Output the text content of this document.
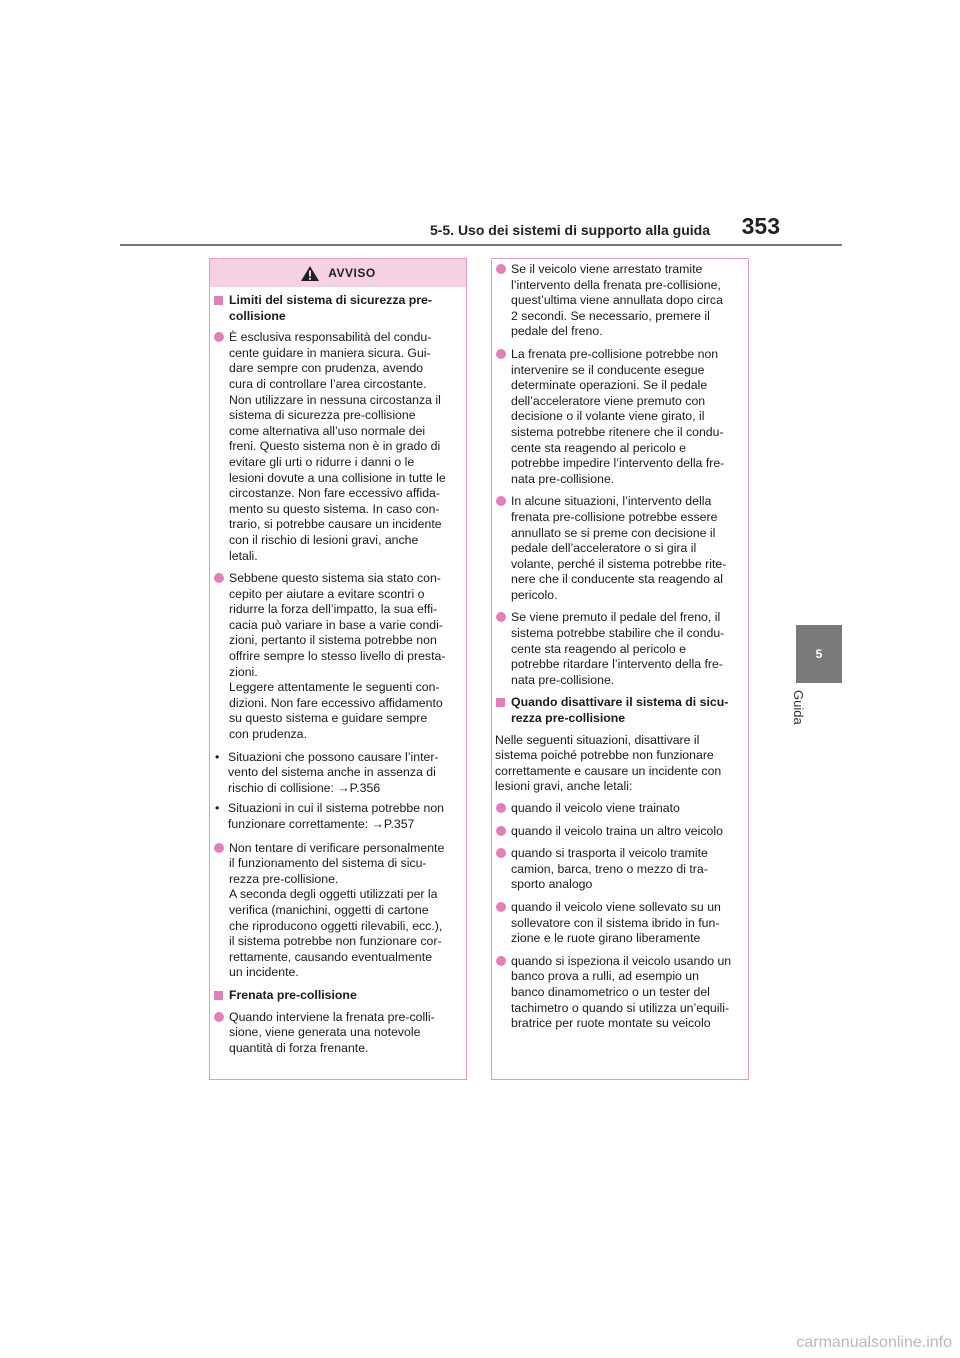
353
5-5. Uso dei sistemi di supporto alla guida
5
Guida
AVVISO
Limiti del sistema di sicurezza pre-
collisione
È esclusiva responsabilità del condu-
cente guidare in maniera sicura. Gui-
dare sempre con prudenza, avendo
cura di controllare l’area circostante.
Non utilizzare in nessuna circostanza il
sistema di sicurezza pre-collisione
come alternativa all’uso normale dei
freni. Questo sistema non è in grado di
evitare gli urti o ridurre i danni o le
lesioni dovute a una collisione in tutte le
circostanze. Non fare eccessivo affida-
mento su questo sistema. In caso con-
trario, si potrebbe causare un incidente
con il rischio di lesioni gravi, anche
letali.
Sebbene questo sistema sia stato con-
cepito per aiutare a evitare scontri o
ridurre la forza dell’impatto, la sua effi-
cacia può variare in base a varie condi-
zioni, pertanto il sistema potrebbe non
offrire sempre lo stesso livello di presta-
zioni.
Leggere attentamente le seguenti con-
dizioni. Non fare eccessivo affidamento
su questo sistema e guidare sempre
con prudenza.
• Situazioni che possono causare l’inter-
vento del sistema anche in assenza di
rischio di collisione: →P.356
• Situazioni in cui il sistema potrebbe non
funzionare correttamente: →P.357
Non tentare di verificare personalmente
il funzionamento del sistema di sicu-
rezza pre-collisione.
A seconda degli oggetti utilizzati per la
verifica (manichini, oggetti di cartone
che riproducono oggetti rilevabili, ecc.),
il sistema potrebbe non funzionare cor-
rettamente, causando eventualmente
un incidente.
Frenata pre-collisione
Quando interviene la frenata pre-colli-
sione, viene generata una notevole
quantità di forza frenante.
Se il veicolo viene arrestato tramite
l’intervento della frenata pre-collisione,
quest’ultima viene annullata dopo circa
2 secondi. Se necessario, premere il
pedale del freno.
La frenata pre-collisione potrebbe non
intervenire se il conducente esegue
determinate operazioni. Se il pedale
dell’acceleratore viene premuto con
decisione o il volante viene girato, il
sistema potrebbe ritenere che il condu-
cente sta reagendo al pericolo e
potrebbe impedire l’intervento della fre-
nata pre-collisione.
In alcune situazioni, l’intervento della
frenata pre-collisione potrebbe essere
annullato se si preme con decisione il
pedale dell’acceleratore o si gira il
volante, perché il sistema potrebbe rite-
nere che il conducente sta reagendo al
pericolo.
Se viene premuto il pedale del freno, il
sistema potrebbe stabilire che il condu-
cente sta reagendo al pericolo e
potrebbe ritardare l’intervento della fre-
nata pre-collisione.
Quando disattivare il sistema di sicu-
rezza pre-collisione
Nelle seguenti situazioni, disattivare il
sistema poiché potrebbe non funzionare
correttamente e causare un incidente con
lesioni gravi, anche letali:
quando il veicolo viene trainato
quando il veicolo traina un altro veicolo
quando si trasporta il veicolo tramite
camion, barca, treno o mezzo di tra-
sporto analogo
quando il veicolo viene sollevato su un
sollevatore con il sistema ibrido in fun-
zione e le ruote girano liberamente
quando si ispeziona il veicolo usando un
banco prova a rulli, ad esempio un
banco dinamometrico o un tester del
tachimetro o quando si utilizza un’equili-
bratrice per ruote montate su veicolo
carmanualsonline.info
